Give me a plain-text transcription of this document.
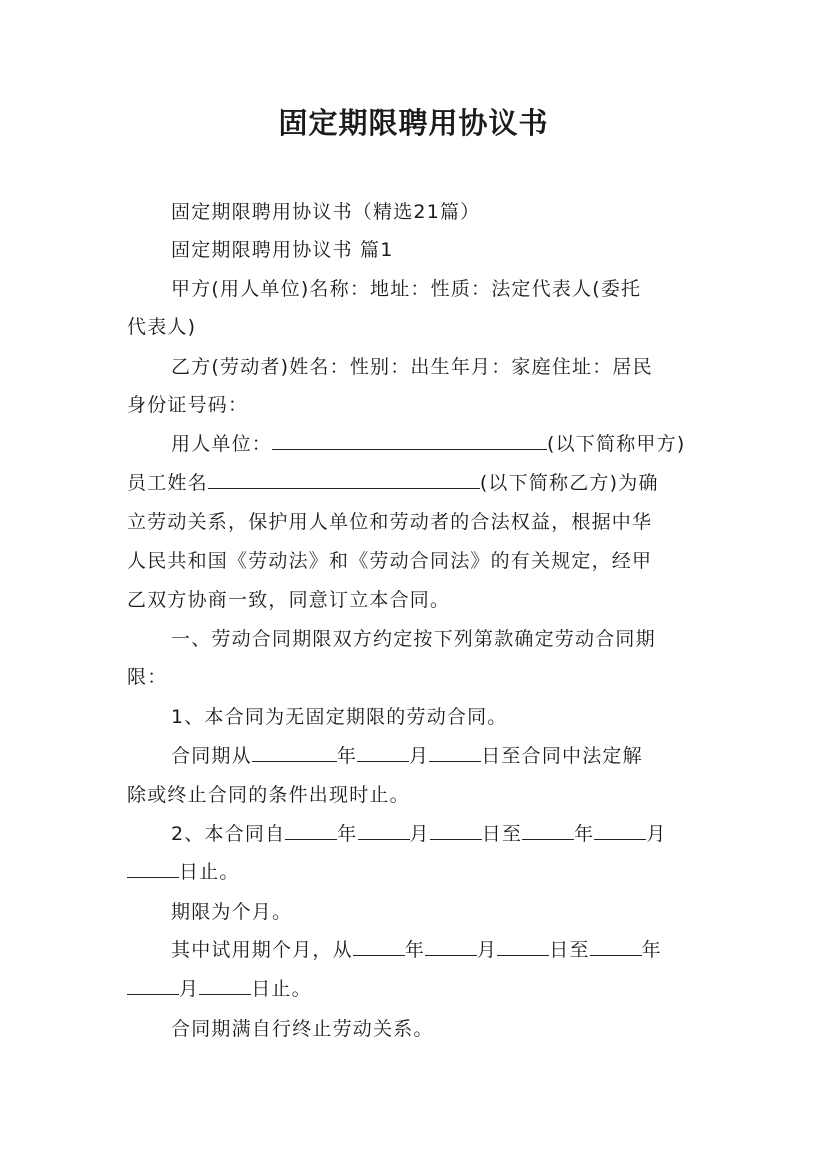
固定期限聘用协议书

固定期限聘用协议书（精选21篇）

固定期限聘用协议书 篇1

甲方(用人单位)名称：地址：性质：法定代表人(委托

代表人)

乙方(劳动者)姓名：性别：出生年月：家庭住址：居民

身份证号码：

用人单位：	(以下简称甲方)

员工姓名	(以下简称乙方)为确

立劳动关系，保护用人单位和劳动者的合法权益，根据中华

人民共和国《劳动法》和《劳动合同法》的有关规定，经甲

乙双方协商一致，同意订立本合同。

一、劳动合同期限双方约定按下列第款确定劳动合同期

限：

1、本合同为无固定期限的劳动合同。

合同期从	年	月	日至合同中法定解

除或终止合同的条件出现时止。

2、本合同自	年	月	日至	年	月

日止。

期限为个月。

其中试用期个月，从	年	月	日至	年

月	日止。

合同期满自行终止劳动关系。
